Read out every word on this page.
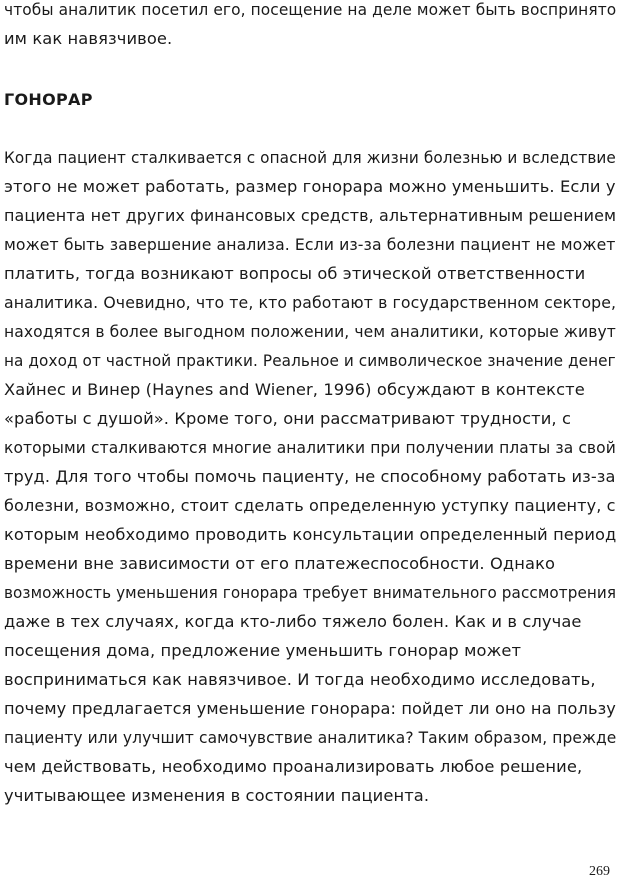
чтобы аналитик посетил его, посещение на деле может быть воспринято
им как навязчивое.
ГОНОРАР
Когда пациент сталкивается с опасной для жизни болезнью и вследствие
этого не может работать, размер гонорара можно уменьшить. Если у
пациента нет других финансовых средств, альтернативным решением
может быть завершение анализа. Если из-за болезни пациент не может
платить, тогда возникают вопросы об этической ответственности
аналитика. Очевидно, что те, кто работают в государственном секторе,
находятся в более выгодном положении, чем аналитики, которые живут
на доход от частной практики. Реальное и символическое значение денег
Хайнес и Винер (Haynes and Wiener, 1996) обсуждают в контексте
«работы с душой». Кроме того, они рассматривают трудности, с
которыми сталкиваются многие аналитики при получении платы за свой
труд. Для того чтобы помочь пациенту, не способному работать из-за
болезни, возможно, стоит сделать определенную уступку пациенту, с
которым необходимо проводить консультации определенный период
времени вне зависимости от его платежеспособности. Однако
возможность уменьшения гонорара требует внимательного рассмотрения
даже в тех случаях, когда кто-либо тяжело болен. Как и в случае
посещения дома, предложение уменьшить гонорар может
восприниматься как навязчивое. И тогда необходимо исследовать,
почему предлагается уменьшение гонорара: пойдет ли оно на пользу
пациенту или улучшит самочувствие аналитика? Таким образом, прежде
чем действовать, необходимо проанализировать любое решение,
учитывающее изменения в состоянии пациента.
269
